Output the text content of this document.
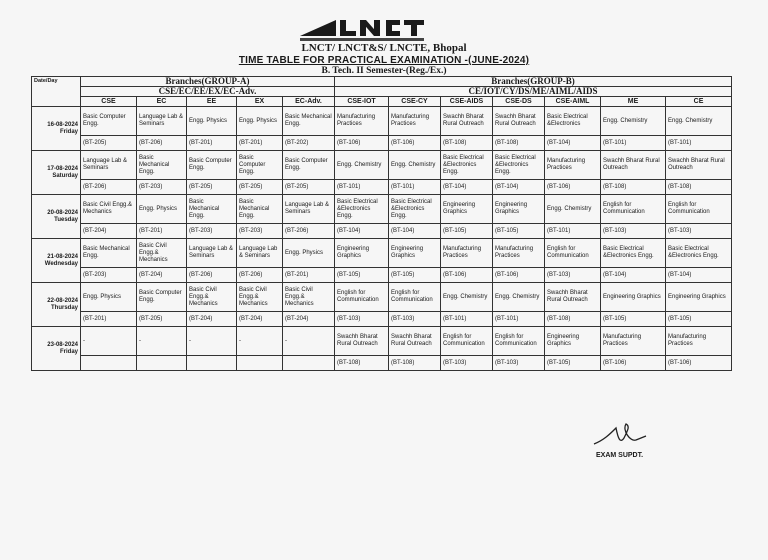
LNCT/ LNCT&S/ LNCTE, Bhopal
TIME TABLE FOR PRACTICAL EXAMINATION -(JUNE-2024)
B. Tech. II Semester-(Reg./Ex.)
Date/Day	Branches(GROUP-A)					Branches(GROUP-B)						
	CSE/EC/EE/EX/EC-Adv.					CE/IOT/CY/DS/ME/AIML/AIDS						
	CSE	EC	EE	EX	EC-Adv.	CSE-IOT	CSE-CY	CSE-AIDS	CSE-DS	CSE-AIML	ME	CE

16-08-2024
Friday	Basic Computer Engg.	Language Lab & Seminars	Engg. Physics	Engg. Physics	Basic Mechanical Engg.	Manufacturing Practices	Manufacturing Practices	Swachh Bharat Rural Outreach	Swachh Bharat Rural Outreach	Basic Electrical &Electronics	Engg. Chemistry	Engg. Chemistry
	(BT-205)	(BT-206)	(BT-201)	(BT-201)	(BT-202)	(BT-106)	(BT-106)	(BT-108)	(BT-108)	(BT-104)	(BT-101)	(BT-101)

17-08-2024
Saturday	Language Lab & Seminars	Basic Mechanical Engg.	Basic Computer Engg.	Basic Computer Engg.	Basic Computer Engg.	Engg. Chemistry	Engg. Chemistry	Basic Electrical &Electronics Engg.	Basic Electrical &Electronics Engg.	Manufacturing Practices	Swachh Bharat Rural Outreach	Swachh Bharat Rural Outreach
	(BT-206)	(BT-203)	(BT-205)	(BT-205)	(BT-205)	(BT-101)	(BT-101)	(BT-104)	(BT-104)	(BT-106)	(BT-108)	(BT-108)

20-08-2024
Tuesday	Basic Civil Engg.& Mechanics	Engg. Physics	Basic Mechanical Engg.	Basic Mechanical Engg.	Language Lab & Seminars	Basic Electrical &Electronics Engg.	Basic Electrical &Electronics Engg.	Engineering Graphics	Engineering Graphics	Engg. Chemistry	English for Communication	English for Communication
	(BT-204)	(BT-201)	(BT-203)	(BT-203)	(BT-206)	(BT-104)	(BT-104)	(BT-105)	(BT-105)	(BT-101)	(BT-103)	(BT-103)

21-08-2024
Wednesday	Basic Mechanical Engg.	Basic Civil Engg.& Mechanics	Language Lab & Seminars	Language Lab & Seminars	Engg. Physics	Engineering Graphics	Engineering Graphics	Manufacturing Practices	Manufacturing Practices	English for Communication	Basic Electrical &Electronics Engg.	Basic Electrical &Electronics Engg.
	(BT-203)	(BT-204)	(BT-206)	(BT-206)	(BT-201)	(BT-105)	(BT-105)	(BT-106)	(BT-106)	(BT-103)	(BT-104)	(BT-104)

22-08-2024
Thursday	Engg. Physics	Basic Computer Engg.	Basic Civil Engg.& Mechanics	Basic Civil Engg.& Mechanics	Basic Civil Engg.& Mechanics	English for Communication	English for Communication	Engg. Chemistry	Engg. Chemistry	Swachh Bharat Rural Outreach	Engineering Graphics	Engineering Graphics
	(BT-201)	(BT-205)	(BT-204)	(BT-204)	(BT-204)	(BT-103)	(BT-103)	(BT-101)	(BT-101)	(BT-108)	(BT-105)	(BT-105)

23-08-2024
Friday	-	-	-	-	-	Swachh Bharat Rural Outreach	Swachh Bharat Rural Outreach	English for Communication	English for Communication	Engineering Graphics	Manufacturing Practices	Manufacturing Practices
						(BT-108)	(BT-108)	(BT-103)	(BT-103)	(BT-105)	(BT-106)	(BT-106)
EXAM SUPDT.
